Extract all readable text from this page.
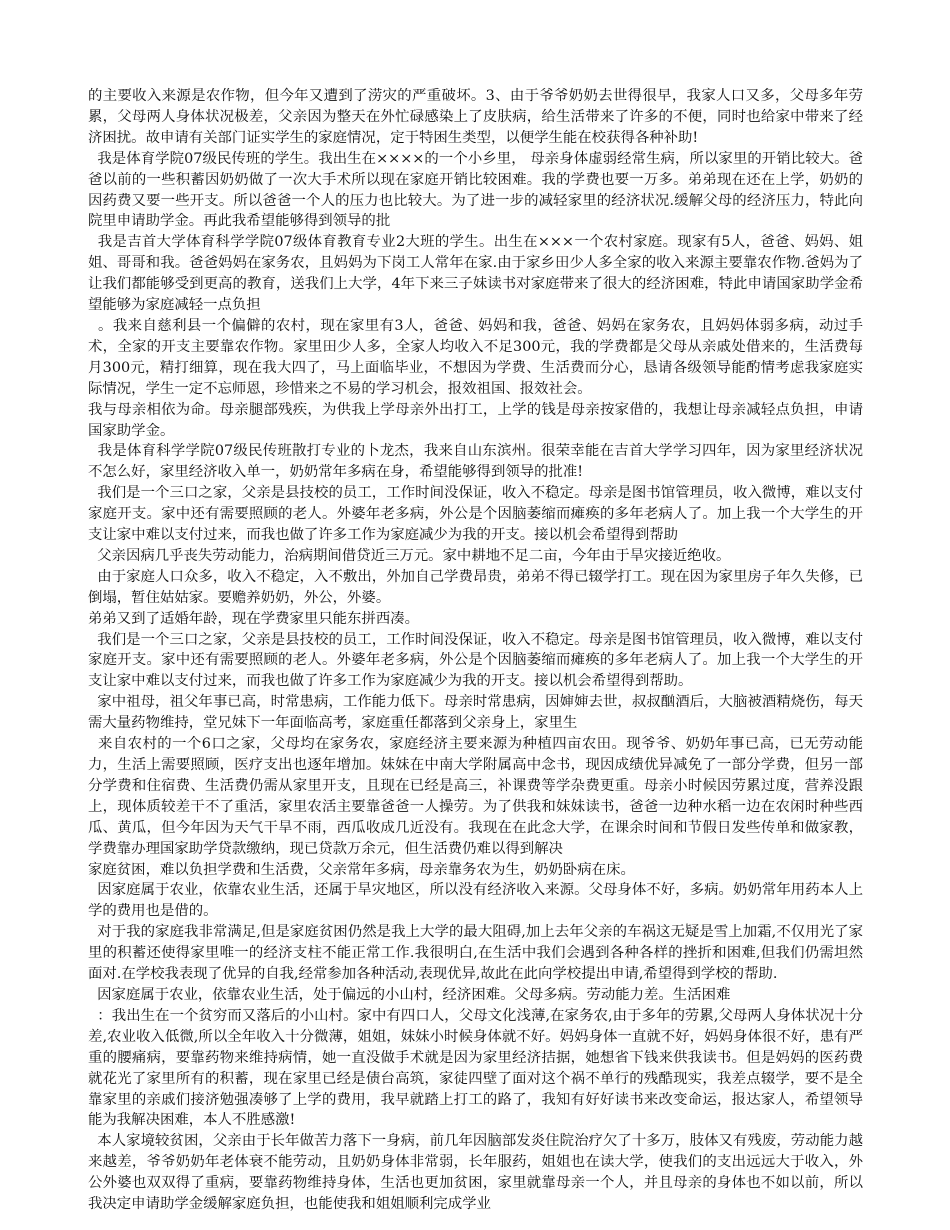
的主要收入来源是农作物，但今年又遭到了涝灾的严重破坏。3、由于爷爷奶奶去世得很早，我家人口又多，父母多年劳累，父母两人身体状况极差，父亲因为整天在外忙碌感染上了皮肤病，给生活带来了许多的不便，同时也给家中带来了经济困扰。故申请有关部门证实学生的家庭情况，定于特困生类型，以便学生能在校获得各种补助!

我是体育学院07级民传班的学生。我出生在××××的一个小乡里， 母亲身体虚弱经常生病，所以家里的开销比较大。爸爸以前的一些积蓄因奶奶做了一次大手术所以现在家庭开销比较困难。我的学费也要一万多。弟弟现在还在上学，奶奶的因药费又要一些开支。所以爸爸一个人的压力也比较大。为了进一步的减轻家里的经济状况.缓解父母的经济压力，特此向院里申请助学金。再此我希望能够得到领导的批

我是吉首大学体育科学学院07级体育教育专业2大班的学生。出生在×××一个农村家庭。现家有5人，爸爸、妈妈、姐姐、哥哥和我。爸爸妈妈在家务农，且妈妈为下岗工人常年在家.由于家乡田少人多全家的收入来源主要靠农作物.爸妈为了让我们都能够受到更高的教育，送我们上大学，4年下来三子妹读书对家庭带来了很大的经济困难，特此申请国家助学金希望能够为家庭减轻一点负担

。我来自慈利县一个偏僻的农村，现在家里有3人，爸爸、妈妈和我，爸爸、妈妈在家务农，且妈妈体弱多病，动过手术，全家的开支主要靠农作物。家里田少人多，全家人均收入不足300元，我的学费都是父母从亲戚处借来的，生活费每月300元，精打细算，现在我大四了，马上面临毕业，不想因为学费、生活费而分心，恳请各级领导能酌情考虑我家庭实际情况，学生一定不忘师恩，珍惜来之不易的学习机会，报效祖国、报效社会。

我与母亲相依为命。母亲腿部残疾，为供我上学母亲外出打工，上学的钱是母亲按家借的，我想让母亲减轻点负担，申请国家助学金。

我是体育科学学院07级民传班散打专业的卜龙杰，我来自山东滨州。很荣幸能在吉首大学学习四年，因为家里经济状况不怎么好，家里经济收入单一，奶奶常年多病在身，希望能够得到领导的批准!

我们是一个三口之家，父亲是县技校的员工，工作时间没保证，收入不稳定。母亲是图书馆管理员，收入微博，难以支付家庭开支。家中还有需要照顾的老人。外婆年老多病，外公是个因脑萎缩而瘫痪的多年老病人了。加上我一个大学生的开支让家中难以支付过来，而我也做了许多工作为家庭减少为我的开支。接以机会希望得到帮助

父亲因病几乎丧失劳动能力，治病期间借贷近三万元。家中耕地不足二亩，今年由于旱灾接近绝收。

由于家庭人口众多，收入不稳定，入不敷出，外加自己学费昂贵，弟弟不得已辍学打工。现在因为家里房子年久失修，已倒塌，暂住姑姑家。要赡养奶奶，外公，外婆。

弟弟又到了适婚年龄，现在学费家里只能东拼西凑。

我们是一个三口之家，父亲是县技校的员工，工作时间没保证，收入不稳定。母亲是图书馆管理员，收入微博，难以支付家庭开支。家中还有需要照顾的老人。外婆年老多病，外公是个因脑萎缩而瘫痪的多年老病人了。加上我一个大学生的开支让家中难以支付过来，而我也做了许多工作为家庭减少为我的开支。接以机会希望得到帮助。

家中祖母，祖父年事已高，时常患病，工作能力低下。母亲时常患病，因婶婶去世，叔叔酗酒后，大脑被酒精烧伤，每天需大量药物维持，堂兄妹下一年面临高考，家庭重任都落到父亲身上，家里生

来自农村的一个6口之家，父母均在家务农，家庭经济主要来源为种植四亩农田。现爷爷、奶奶年事已高，已无劳动能力，生活上需要照顾，医疗支出也逐年增加。妹妹在中南大学附属高中念书，现因成绩优异减免了一部分学费，但另一部分学费和住宿费、生活费仍需从家里开支，且现在已经是高三，补课费等学杂费更重。母亲小时候因劳累过度，营养没跟上，现体质较差干不了重活，家里农活主要靠爸爸一人操劳。为了供我和妹妹读书，爸爸一边种水稻一边在农闲时种些西瓜、黄瓜，但今年因为天气干旱不雨，西瓜收成几近没有。我现在在此念大学，在课余时间和节假日发些传单和做家教，学费靠办理国家助学贷款缴纳，现已贷款万余元，但生活费仍难以得到解决

家庭贫困，难以负担学费和生活费，父亲常年多病，母亲靠务农为生，奶奶卧病在床。

因家庭属于农业，依靠农业生活，还属于旱灾地区，所以没有经济收入来源。父母身体不好，多病。奶奶常年用药本人上学的费用也是借的。

对于我的家庭我非常满足,但是家庭贫困仍然是我上大学的最大阻碍,加上去年父亲的车祸这无疑是雪上加霜,不仅用光了家里的积蓄还使得家里唯一的经济支柱不能正常工作.我很明白,在生活中我们会遇到各种各样的挫折和困难,但我们仍需坦然面对.在学校我表现了优异的自我,经常参加各种活动,表现优异,故此在此向学校提出申请,希望得到学校的帮助.

因家庭属于农业，依靠农业生活，处于偏远的小山村，经济困难。父母多病。劳动能力差。生活困难

：我出生在一个贫穷而又落后的小山村。家中有四口人，父母文化浅薄,在家务农,由于多年的劳累,父母两人身体状况十分差,农业收入低微,所以全年收入十分微薄，姐姐，妹妹小时候身体就不好。妈妈身体一直就不好，妈妈身体很不好，患有严重的腰痛病，要靠药物来维持病情，她一直没做手术就是因为家里经济拮据，她想省下钱来供我读书。但是妈妈的医药费就花光了家里所有的积蓄，现在家里已经是债台高筑，家徒四壁了面对这个祸不单行的残酷现实，我差点辍学，要不是全靠家里的亲戚们接济勉强凑够了上学的费用，我早就踏上打工的路了，我知有好好读书来改变命运，报达家人，希望领导能为我解决困难，本人不胜感激!

本人家境较贫困，父亲由于长年做苦力落下一身病，前几年因脑部发炎住院治疗欠了十多万，肢体又有残废，劳动能力越来越差，爷爷奶奶年老体衰不能劳动，且奶奶身体非常弱，长年服药，姐姐也在读大学，使我们的支出远远大于收入，外公外婆也双双得了重病，要靠药物维持身体，生活也更加贫困，家里就靠母亲一个人，并且母亲的身体也不如以前，所以我决定申请助学金缓解家庭负担，也能使我和姐姐顺利完成学业
